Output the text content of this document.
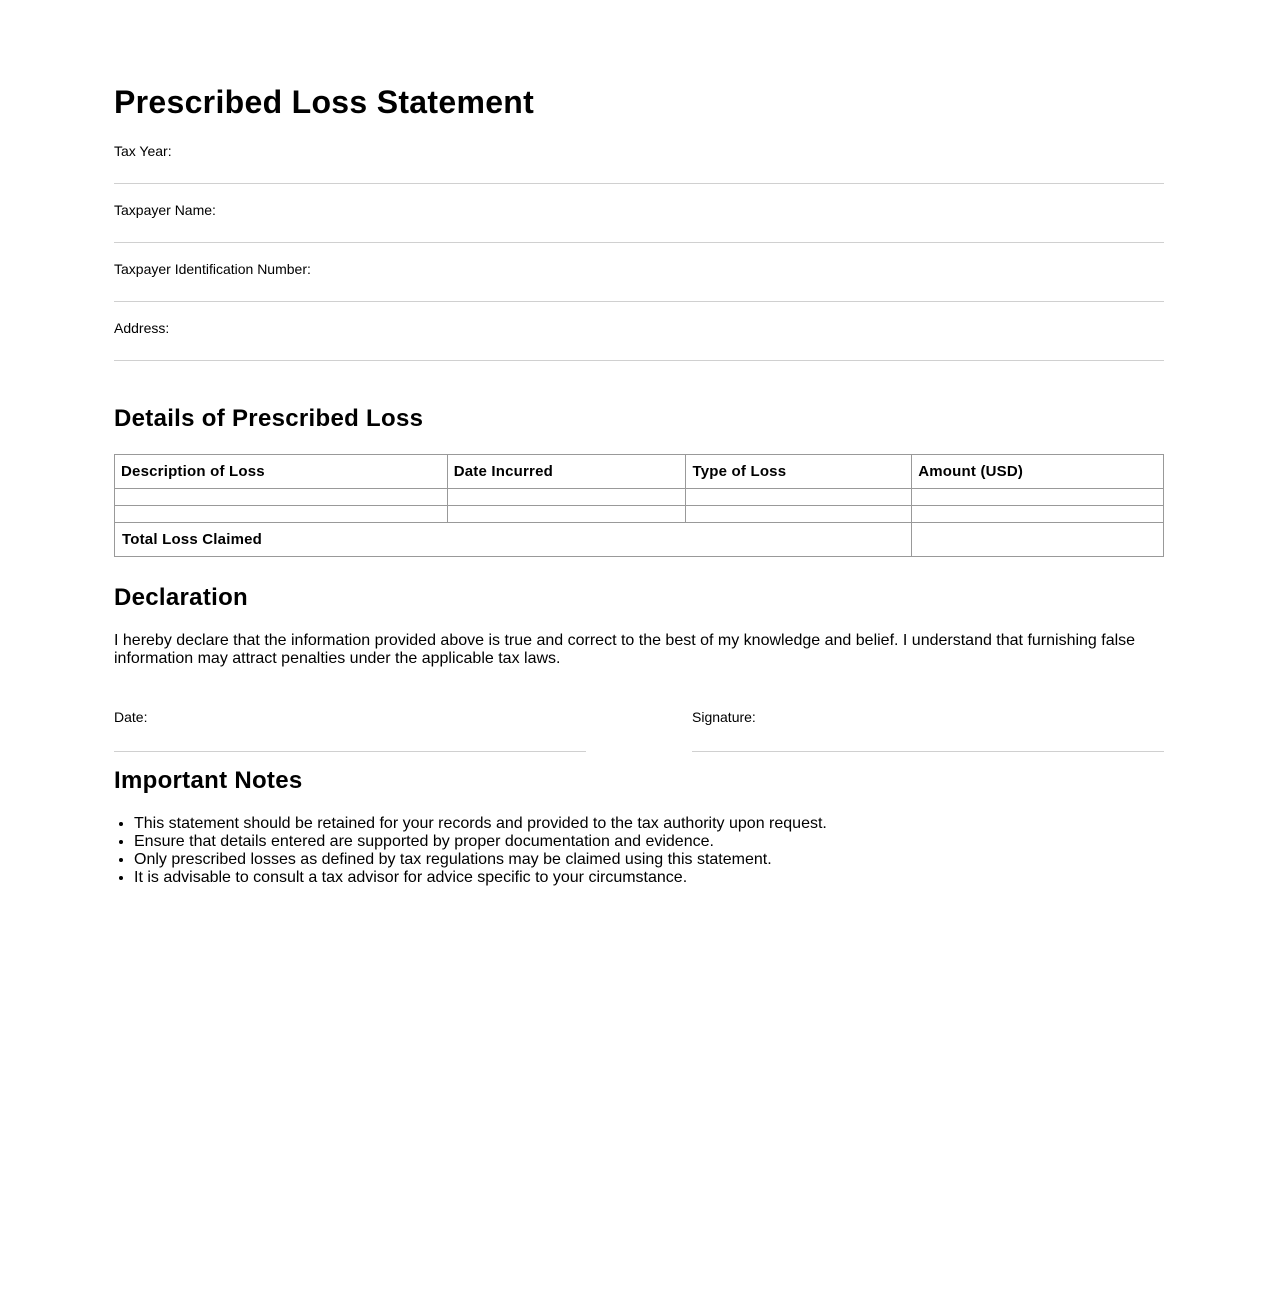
Prescribed Loss Statement
Tax Year:
Taxpayer Name:
Taxpayer Identification Number:
Address:
Details of Prescribed Loss
Description of Loss	Date Incurred	Type of Loss	Amount (USD)

Total Loss Claimed			
Declaration

I hereby declare that the information provided above is true and correct to the best of my knowledge and belief. I understand that furnishing false information may attract penalties under the applicable tax laws.

Date:	Signature:
Important Notes
• This statement should be retained for your records and provided to the tax authority upon request.
• Ensure that details entered are supported by proper documentation and evidence.
• Only prescribed losses as defined by tax regulations may be claimed using this statement.
• It is advisable to consult a tax advisor for advice specific to your circumstance.
